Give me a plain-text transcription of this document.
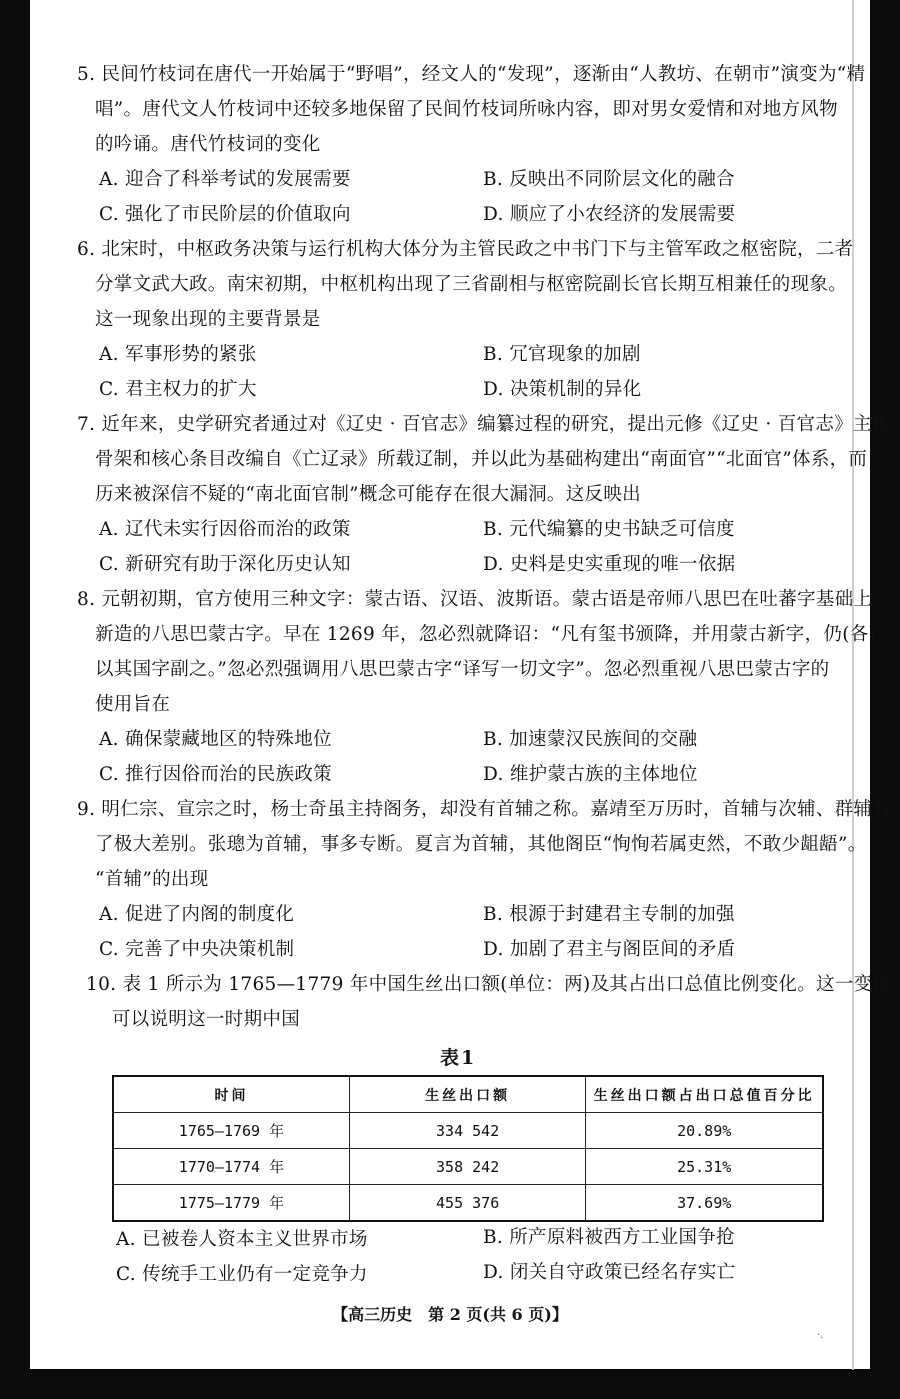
5. 民间竹枝词在唐代一开始属于“野唱”，经文人的“发现”，逐渐由“人教坊、在朝市”演变为“精
唱”。唐代文人竹枝词中还较多地保留了民间竹枝词所咏内容，即对男女爱情和对地方风物
的吟诵。唐代竹枝词的变化
A. 迎合了科举考试的发展需要	B. 反映出不同阶层文化的融合
C. 强化了市民阶层的价值取向	D. 顺应了小农经济的发展需要
6. 北宋时，中枢政务决策与运行机构大体分为主管民政之中书门下与主管军政之枢密院，二者
分掌文武大政。南宋初期，中枢机构出现了三省副相与枢密院副长官长期互相兼任的现象。
这一现象出现的主要背景是
A. 军事形势的紧张	B. 冗官现象的加剧
C. 君主权力的扩大	D. 决策机制的异化
7. 近年来，史学研究者通过对《辽史 · 百官志》编纂过程的研究，提出元修《辽史 · 百官志》主体
骨架和核心条目改编自《亡辽录》所载辽制，并以此为基础构建出“南面官”“北面官”体系，而
历来被深信不疑的“南北面官制”概念可能存在很大漏洞。这反映出
A. 辽代未实行因俗而治的政策	B. 元代编纂的史书缺乏可信度
C. 新研究有助于深化历史认知	D. 史料是史实重现的唯一依据
8. 元朝初期，官方使用三种文字：蒙古语、汉语、波斯语。蒙古语是帝师八思巴在吐蕃字基础上
新造的八思巴蒙古字。早在 1269 年，忽必烈就降诏：“凡有玺书颁降，并用蒙古新字，仍(各)
以其国字副之。”忽必烈强调用八思巴蒙古字“译写一切文字”。忽必烈重视八思巴蒙古字的
使用旨在
A. 确保蒙藏地区的特殊地位	B. 加速蒙汉民族间的交融
C. 推行因俗而治的民族政策	D. 维护蒙古族的主体地位
9. 明仁宗、宣宗之时，杨士奇虽主持阁务，却没有首辅之称。嘉靖至万历时，首辅与次辅、群辅有
了极大差别。张璁为首辅，事多专断。夏言为首辅，其他阁臣“恂恂若属吏然，不敢少龃龉”。
“首辅”的出现
A. 促进了内阁的制度化	B. 根源于封建君主专制的加强
C. 完善了中央决策机制	D. 加剧了君主与阁臣间的矛盾
10. 表 1 所示为 1765—1779 年中国生丝出口额(单位：两)及其占出口总值比例变化。这一变化
可以说明这一时期中国
表1
时间	生丝出口额	生丝出口额占出口总值百分比
1765—1769 年	334 542	20.89%
1770—1774 年	358 242	25.31%
1775—1779 年	455 376	37.69%
A. 已被卷人资本主义世界市场	B. 所产原料被西方工业国争抢
C. 传统手工业仍有一定竞争力	D. 闭关自守政策已经名存实亡
【高三历史　第 2 页(共 6 页)】
·.
